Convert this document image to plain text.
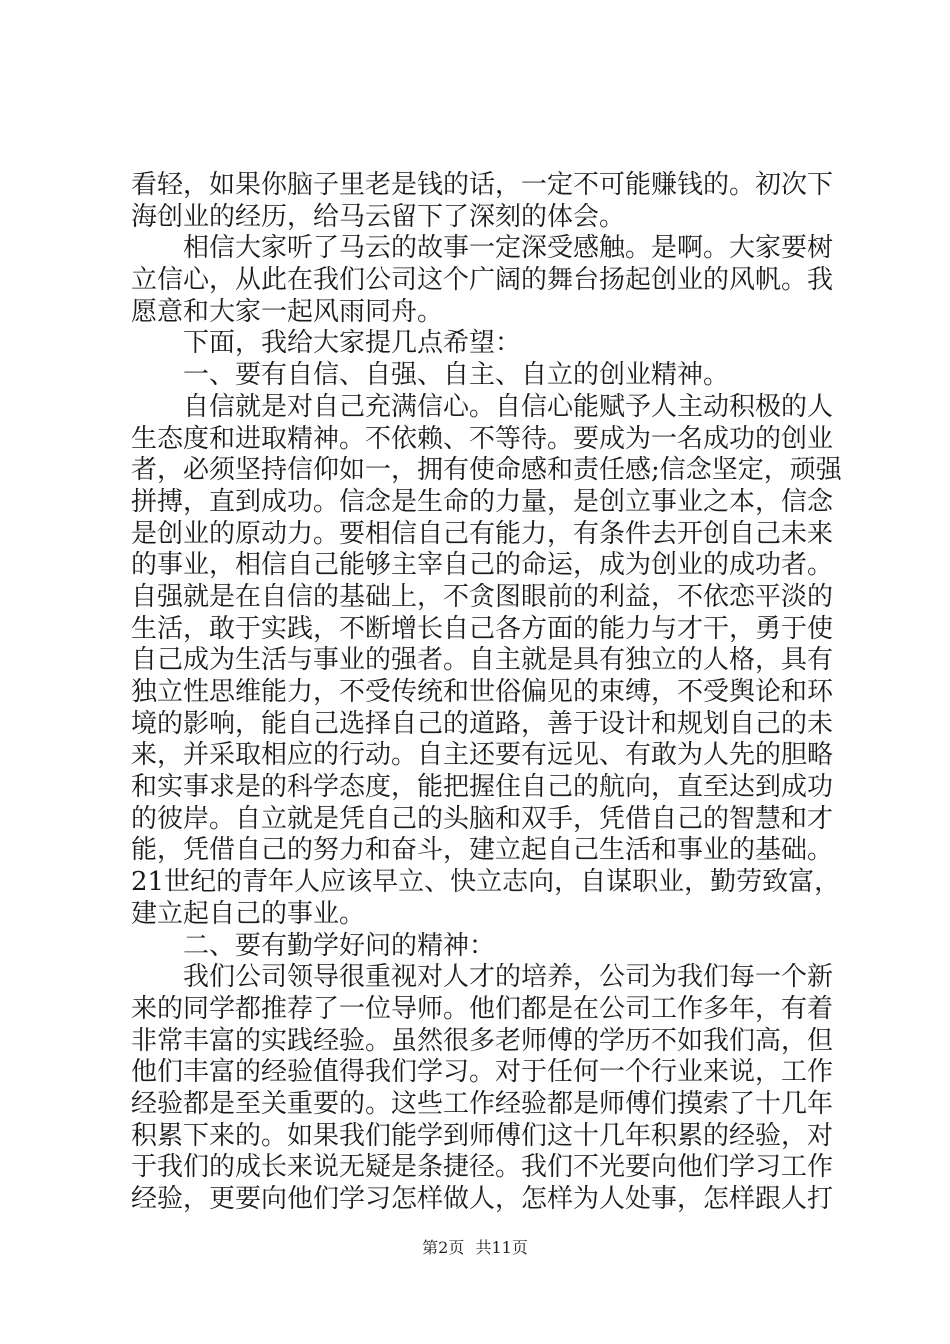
看轻，如果你脑子里老是钱的话，一定不可能赚钱的。初次下
海创业的经历，给马云留下了深刻的体会。
　　相信大家听了马云的故事一定深受感触。是啊。大家要树
立信心，从此在我们公司这个广阔的舞台扬起创业的风帆。我
愿意和大家一起风雨同舟。
　　下面，我给大家提几点希望：
　　一、要有自信、自强、自主、自立的创业精神。
　　自信就是对自己充满信心。自信心能赋予人主动积极的人
生态度和进取精神。不依赖、不等待。要成为一名成功的创业
者，必须坚持信仰如一，拥有使命感和责任感;信念坚定，顽强
拼搏，直到成功。信念是生命的力量，是创立事业之本，信念
是创业的原动力。要相信自己有能力，有条件去开创自己未来
的事业，相信自己能够主宰自己的命运，成为创业的成功者。
自强就是在自信的基础上，不贪图眼前的利益，不依恋平淡的
生活，敢于实践，不断增长自己各方面的能力与才干，勇于使
自己成为生活与事业的强者。自主就是具有独立的人格，具有
独立性思维能力，不受传统和世俗偏见的束缚，不受舆论和环
境的影响，能自己选择自己的道路，善于设计和规划自己的未
来，并采取相应的行动。自主还要有远见、有敢为人先的胆略
和实事求是的科学态度，能把握住自己的航向，直至达到成功
的彼岸。自立就是凭自己的头脑和双手，凭借自己的智慧和才
能，凭借自己的努力和奋斗，建立起自己生活和事业的基础。
21世纪的青年人应该早立、快立志向，自谋职业，勤劳致富，
建立起自己的事业。
　　二、要有勤学好问的精神：
　　我们公司领导很重视对人才的培养，公司为我们每一个新
来的同学都推荐了一位导师。他们都是在公司工作多年，有着
非常丰富的实践经验。虽然很多老师傅的学历不如我们高，但
他们丰富的经验值得我们学习。对于任何一个行业来说，工作
经验都是至关重要的。这些工作经验都是师傅们摸索了十几年
积累下来的。如果我们能学到师傅们这十几年积累的经验，对
于我们的成长来说无疑是条捷径。我们不光要向他们学习工作
经验，更要向他们学习怎样做人，怎样为人处事，怎样跟人打
第2页 共11页
